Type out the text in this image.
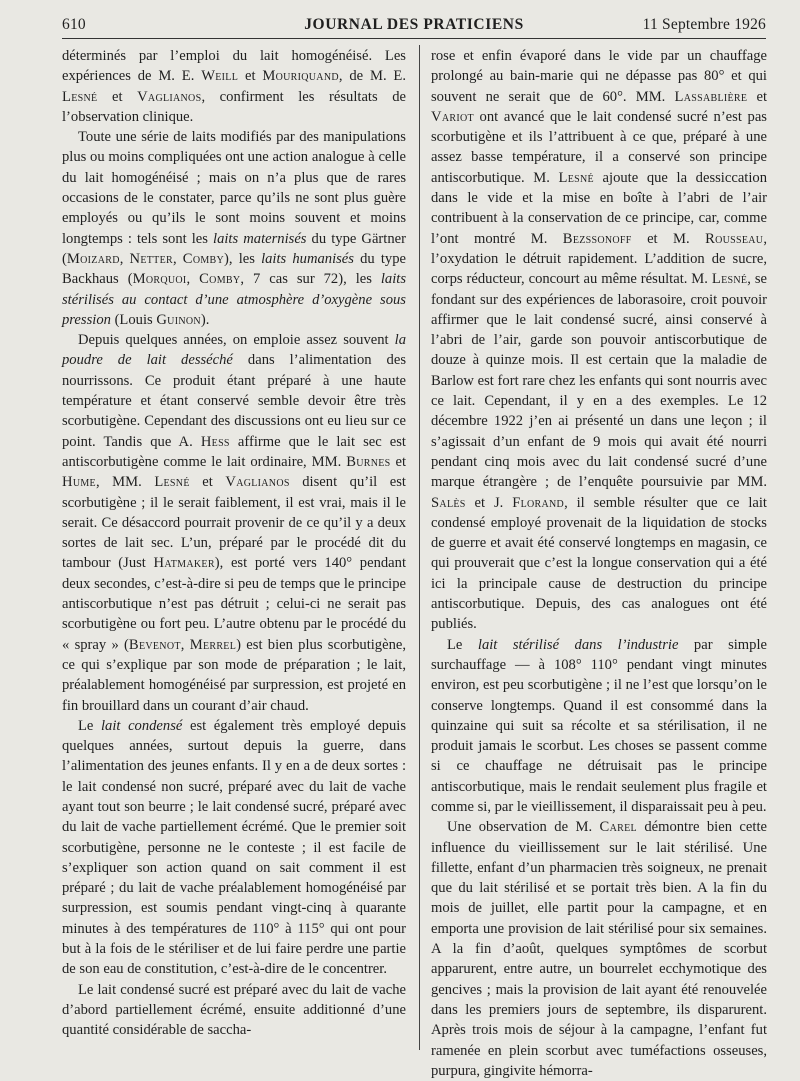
610	JOURNAL DES PRATICIENS	11 Septembre 1926

déterminés par l’emploi du lait homogénéisé. Les expériences de M. E. Weill et Mouriquand, de M. E. Lesné et Vaglianos, confirment les résultats de l’observation clinique.

Toute une série de laits modifiés par des manipulations plus ou moins compliquées ont une action analogue à celle du lait homogénéisé ; mais on n’a plus que de rares occasions de le constater, parce qu’ils ne sont plus guère employés ou qu’ils le sont moins souvent et moins longtemps : tels sont les laits maternisés du type Gärtner (Moizard, Netter, Comby), les laits humanisés du type Backhaus (Morquoi, Comby, 7 cas sur 72), les laits stérilisés au contact d’une atmosphère d’oxygène sous pression (Louis Guinon).

Depuis quelques années, on emploie assez souvent la poudre de lait desséché dans l’alimentation des nourrissons. Ce produit étant préparé à une haute température et étant conservé semble devoir être très scorbutigène. Cependant des discussions ont eu lieu sur ce point. Tandis que A. Hess affirme que le lait sec est antiscorbutigène comme le lait ordinaire, MM. Burnes et Hume, MM. Lesné et Vaglianos disent qu’il est scorbutigène ; il le serait faiblement, il est vrai, mais il le serait. Ce désaccord pourrait provenir de ce qu’il y a deux sortes de lait sec. L’un, préparé par le procédé dit du tambour (Just Hatmaker), est porté vers 140° pendant deux secondes, c’est-à-dire si peu de temps que le principe antiscorbutique n’est pas détruit ; celui-ci ne serait pas scorbutigène ou fort peu. L’autre obtenu par le procédé du « spray » (Bevenot, Merrel) est bien plus scorbutigène, ce qui s’explique par son mode de préparation ; le lait, préalablement homogénéisé par surpression, est projeté en fin brouillard dans un courant d’air chaud.

Le lait condensé est également très employé depuis quelques années, surtout depuis la guerre, dans l’alimentation des jeunes enfants. Il y en a de deux sortes : le lait condensé non sucré, préparé avec du lait de vache ayant tout son beurre ; le lait condensé sucré, préparé avec du lait de vache partiellement écrémé. Que le premier soit scorbutigène, personne ne le conteste ; il est facile de s’expliquer son action quand on sait comment il est préparé ; du lait de vache préalablement homogénéisé par surpression, est soumis pendant vingt-cinq à quarante minutes à des températures de 110° à 115° qui ont pour but à la fois de le stériliser et de lui faire perdre une partie de son eau de constitution, c’est-à-dire de le concentrer.

Le lait condensé sucré est préparé avec du lait de vache d’abord partiellement écrémé, ensuite additionné d’une quantité considérable de saccha-

rose et enfin évaporé dans le vide par un chauffage prolongé au bain-marie qui ne dépasse pas 80° et qui souvent ne serait que de 60°. MM. Lassablière et Variot ont avancé que le lait condensé sucré n’est pas scorbutigène et ils l’attribuent à ce que, préparé à une assez basse température, il a conservé son principe antiscorbutique. M. Lesné ajoute que la dessiccation dans le vide et la mise en boîte à l’abri de l’air contribuent à la conservation de ce principe, car, comme l’ont montré M. Bezssonoff et M. Rousseau, l’oxydation le détruit rapidement. L’addition de sucre, corps réducteur, concourt au même résultat. M. Lesné, se fondant sur des expériences de laborasoire, croit pouvoir affirmer que le lait condensé sucré, ainsi conservé à l’abri de l’air, garde son pouvoir antiscorbutique de douze à quinze mois. Il est certain que la maladie de Barlow est fort rare chez les enfants qui sont nourris avec ce lait. Cependant, il y en a des exemples. Le 12 décembre 1922 j’en ai présenté un dans une leçon ; il s’agissait d’un enfant de 9 mois qui avait été nourri pendant cinq mois avec du lait condensé sucré d’une marque étrangère ; de l’enquête poursuivie par MM. Salès et J. Florand, il semble résulter que ce lait condensé employé provenait de la liquidation de stocks de guerre et avait été conservé longtemps en magasin, ce qui prouverait que c’est la longue conservation qui a été ici la principale cause de destruction du principe antiscorbutique. Depuis, des cas analogues ont été publiés.

Le lait stérilisé dans l’industrie par simple surchauffage — à 108° 110° pendant vingt minutes environ, est peu scorbutigène ; il ne l’est que lorsqu’on le conserve longtemps. Quand il est consommé dans la quinzaine qui suit sa récolte et sa stérilisation, il ne produit jamais le scorbut. Les choses se passent comme si ce chauffage ne détruisait pas le principe antiscorbutique, mais le rendait seulement plus fragile et comme si, par le vieillissement, il disparaissait peu à peu.

Une observation de M. Carel démontre bien cette influence du vieillissement sur le lait stérilisé. Une fillette, enfant d’un pharmacien très soigneux, ne prenait que du lait stérilisé et se portait très bien. A la fin du mois de juillet, elle partit pour la campagne, et en emporta une provision de lait stérilisé pour six semaines. A la fin d’août, quelques symptômes de scorbut apparurent, entre autre, un bourrelet ecchymotique des gencives ; mais la provision de lait ayant été renouvelée dans les premiers jours de septembre, ils disparurent. Après trois mois de séjour à la campagne, l’enfant fut ramenée en plein scorbut avec tuméfactions osseuses, purpura, gingivite hémorra-
